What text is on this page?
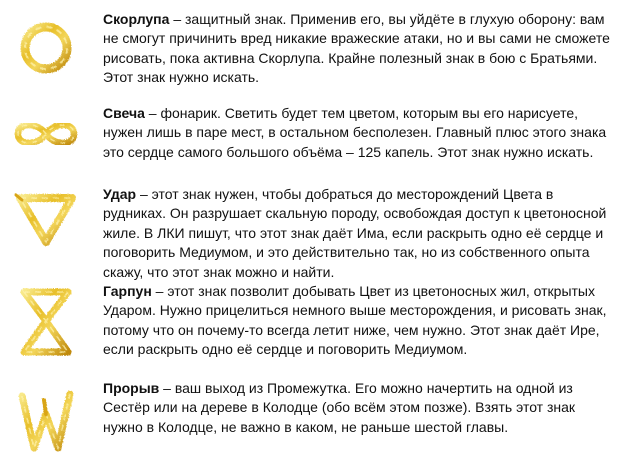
Скорлупа – защитный знак. Применив его, вы уйдёте в глухую оборону: вам не смогут причинить вред никакие вражеские атаки, но и вы сами не сможете рисовать, пока активна Скорлупа. Крайне полезный знак в бою с Братьями. Этот знак нужно искать.

Свеча – фонарик. Светить будет тем цветом, которым вы его нарисуете, нужен лишь в паре мест, в остальном бесполезен. Главный плюс этого знака это сердце самого большого объёма – 125 капель. Этот знак нужно искать.

Удар – этот знак нужен, чтобы добраться до месторождений Цвета в рудниках. Он разрушает скальную породу, освобождая доступ к цветоносной жиле. В ЛКИ пишут, что этот знак даёт Има, если раскрыть одно её сердце и поговорить Медиумом, и это действительно так, но из собственного опыта скажу, что этот знак можно и найти.

Гарпун – этот знак позволит добывать Цвет из цветоносных жил, открытых Ударом. Нужно прицелиться немного выше месторождения, и рисовать знак, потому что он почему-то всегда летит ниже, чем нужно. Этот знак даёт Ире, если раскрыть одно её сердце и поговорить Медиумом.

Прорыв – ваш выход из Промежутка. Его можно начертить на одной из Сестёр или на дереве в Колодце (обо всём этом позже). Взять этот знак нужно в Колодце, не важно в каком, не раньше шестой главы.
